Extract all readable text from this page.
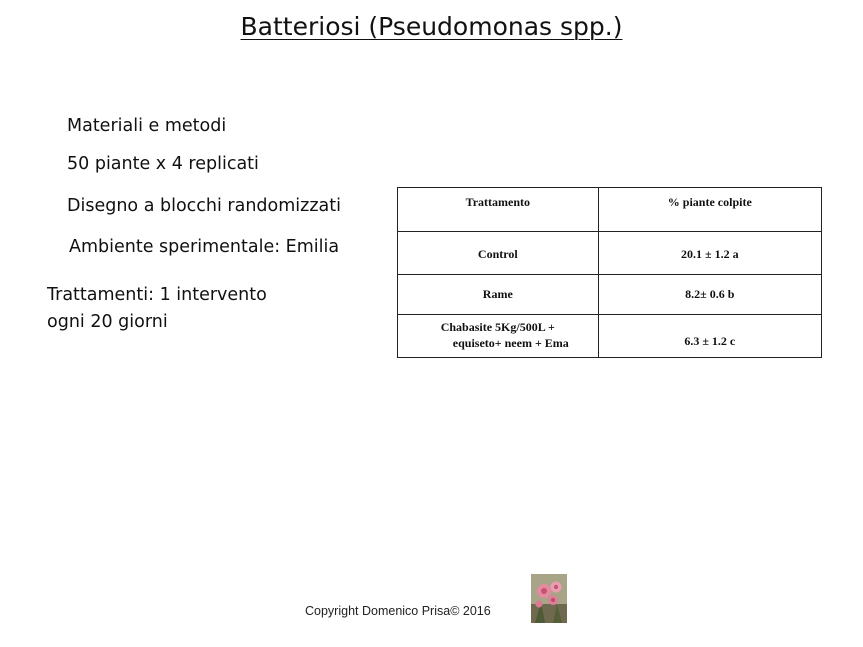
Batteriosi (Pseudomonas spp.)
Materiali e metodi
50 piante x 4 replicati
Disegno a blocchi randomizzati
Ambiente sperimentale: Emilia
Trattamenti: 1 intervento
ogni 20 giorni
Trattamento	% piante colpite
Control	20.1 ± 1.2 a
Rame	8.2± 0.6 b
Chabasite 5Kg/500L +
equiseto+ neem + Ema	6.3 ± 1.2 c
Copyright Domenico Prisa© 2016
